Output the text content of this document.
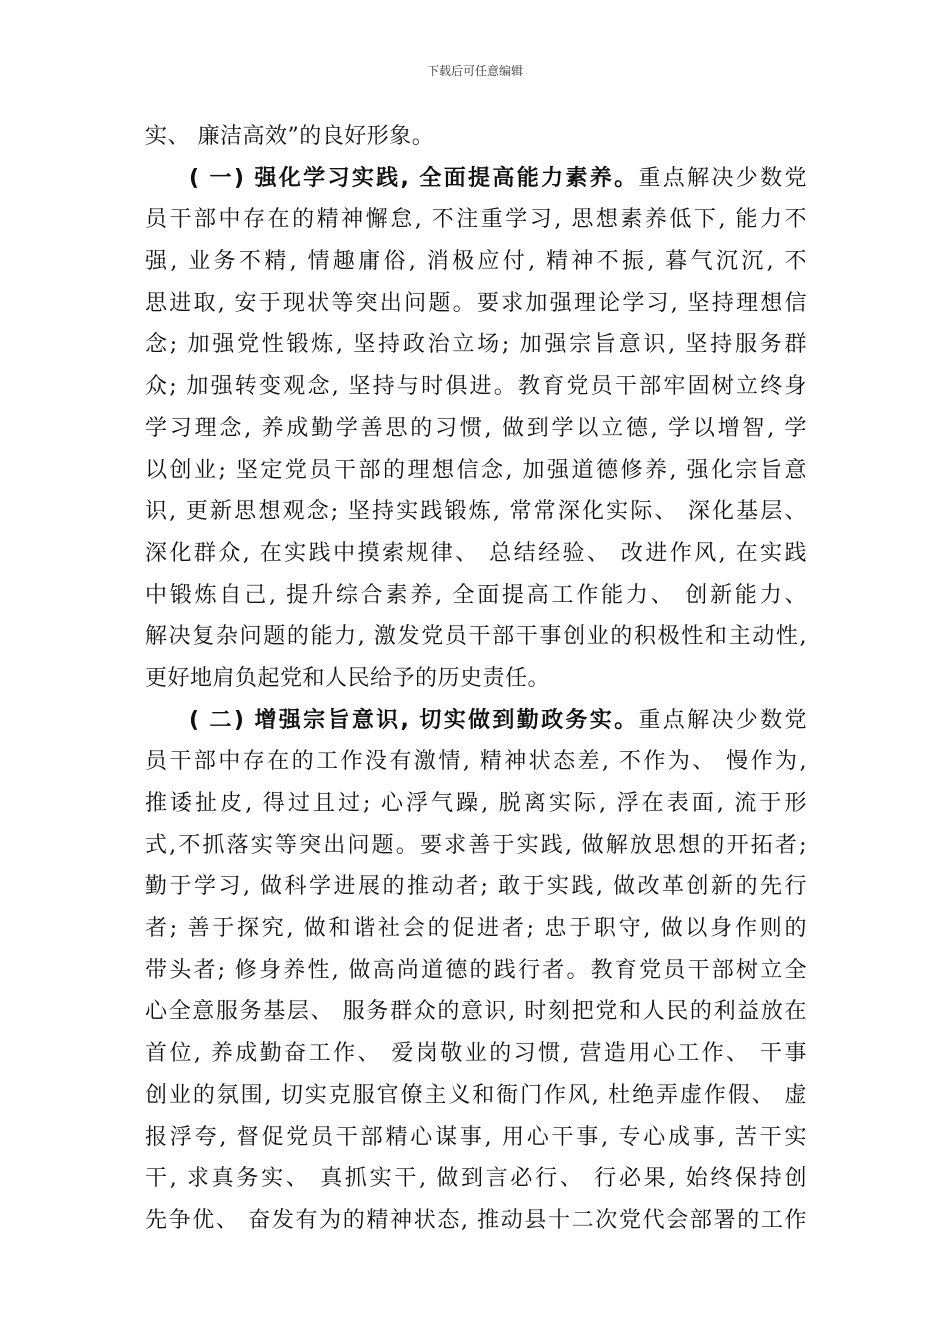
下载后可任意编辑
实、 廉洁高效”的良好形象。
( 一) 强化学习实践, 全面提高能力素养。重点解决少数党
员干部中存在的精神懈怠, 不注重学习, 思想素养低下, 能力不
强, 业务不精, 情趣庸俗, 消极应付, 精神不振, 暮气沉沉, 不
思进取, 安于现状等突出问题。要求加强理论学习, 坚持理想信
念; 加强党性锻炼, 坚持政治立场; 加强宗旨意识, 坚持服务群
众; 加强转变观念, 坚持与时俱进。教育党员干部牢固树立终身
学习理念, 养成勤学善思的习惯, 做到学以立德, 学以增智, 学
以创业; 坚定党员干部的理想信念, 加强道德修养, 强化宗旨意
识, 更新思想观念; 坚持实践锻炼, 常常深化实际、 深化基层、
深化群众, 在实践中摸索规律、 总结经验、 改进作风, 在实践
中锻炼自己, 提升综合素养, 全面提高工作能力、 创新能力、
解决复杂问题的能力, 激发党员干部干事创业的积极性和主动性,
更好地肩负起党和人民给予的历史责任。
( 二) 增强宗旨意识, 切实做到勤政务实。重点解决少数党
员干部中存在的工作没有激情, 精神状态差, 不作为、 慢作为,
推诿扯皮, 得过且过; 心浮气躁, 脱离实际, 浮在表面, 流于形
式,不抓落实等突出问题。要求善于实践, 做解放思想的开拓者;
勤于学习, 做科学进展的推动者; 敢于实践, 做改革创新的先行
者; 善于探究, 做和谐社会的促进者; 忠于职守, 做以身作则的
带头者; 修身养性, 做高尚道德的践行者。教育党员干部树立全
心全意服务基层、 服务群众的意识, 时刻把党和人民的利益放在
首位, 养成勤奋工作、 爱岗敬业的习惯, 营造用心工作、 干事
创业的氛围, 切实克服官僚主义和衙门作风, 杜绝弄虚作假、 虚
报浮夸, 督促党员干部精心谋事, 用心干事, 专心成事, 苦干实
干, 求真务实、 真抓实干, 做到言必行、 行必果, 始终保持创
先争优、 奋发有为的精神状态, 推动县十二次党代会部署的工作
